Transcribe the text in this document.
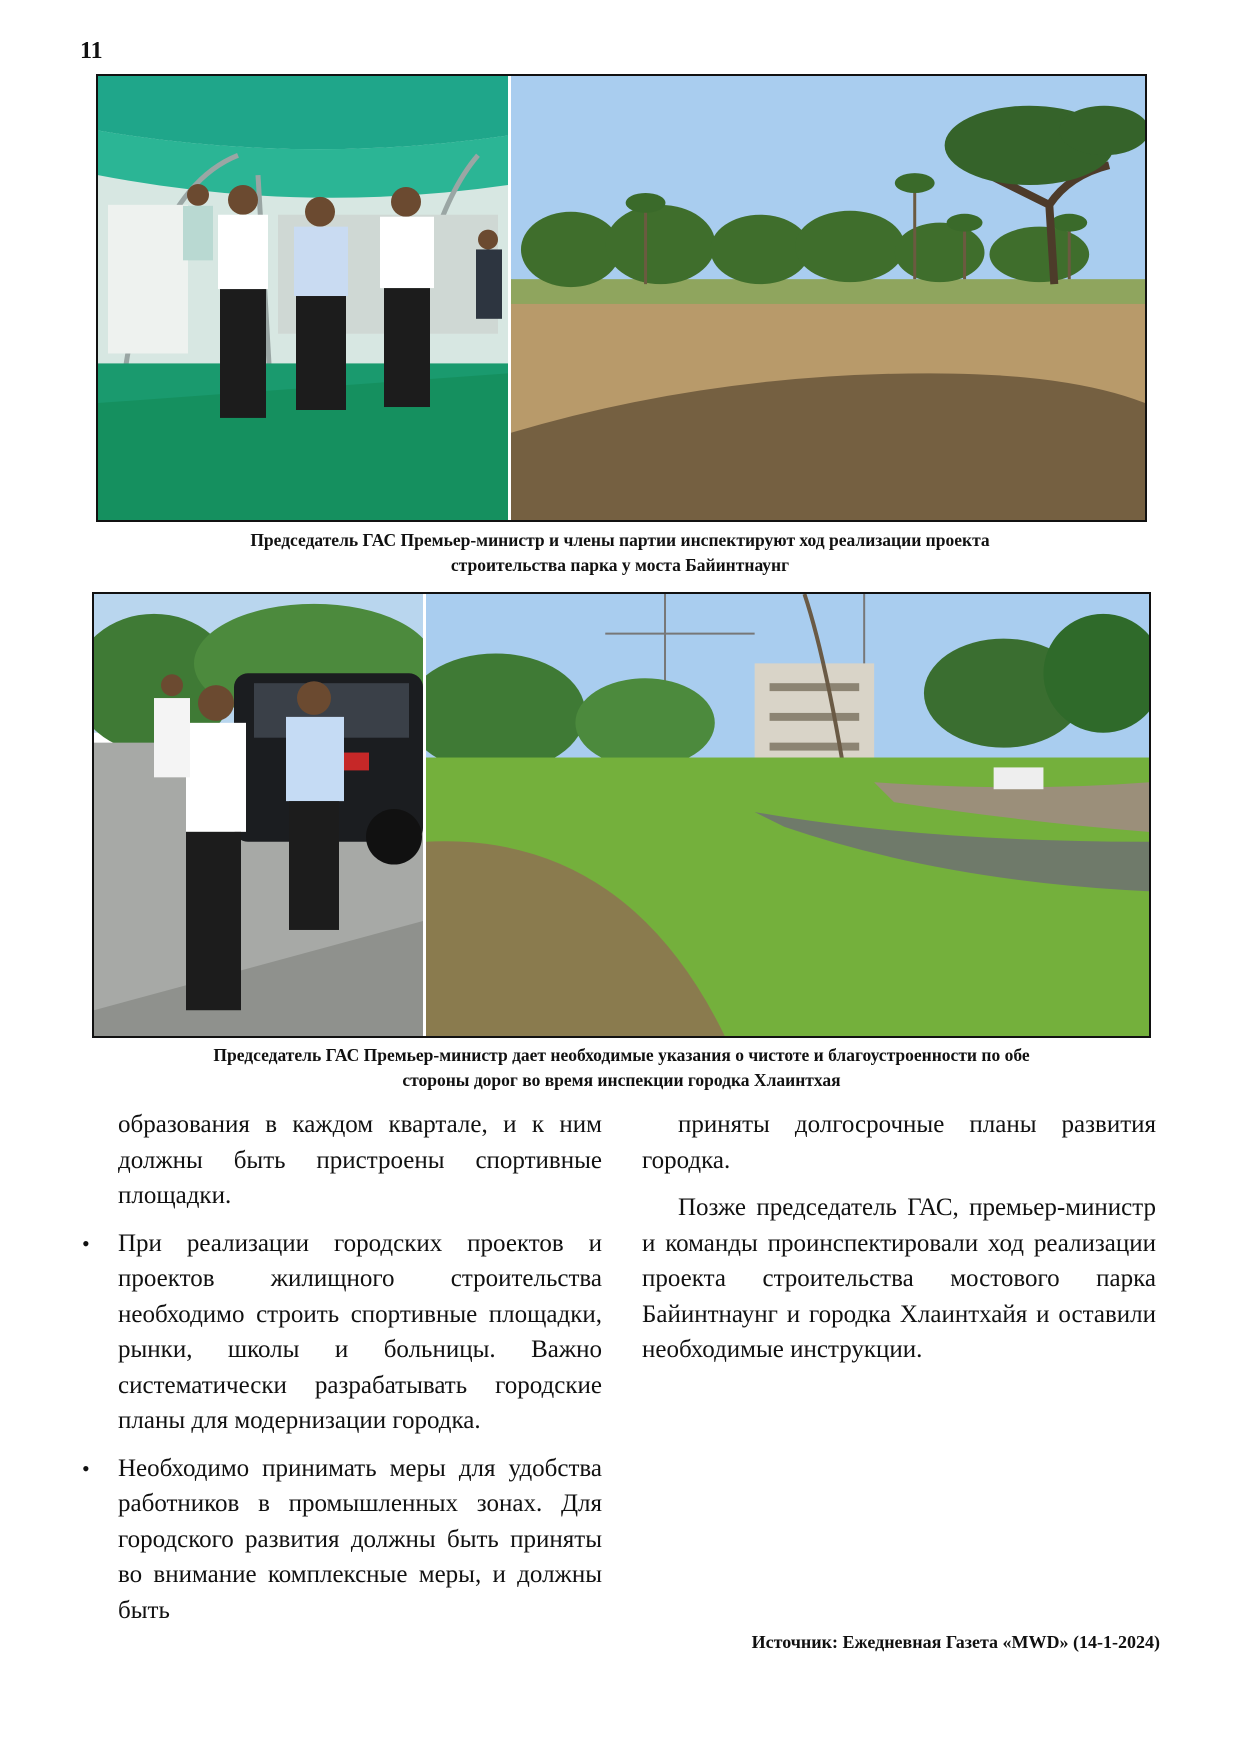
11
Председатель ГАС Премьер-министр и члены партии инспектируют ход реализации проекта
строительства парка у моста Байинтнаунг
Председатель ГАС Премьер-министр дает необходимые указания о чистоте и благоустроенности по обе
стороны дорог во время инспекции городка Хлаинтхая

образования в каждом квартале, и к ним должны быть пристроены спортивные площадки.

• При реализации городских проектов и проектов жилищного строительства необходимо строить спортивные площадки, рынки, школы и больницы. Важно систематически разрабатывать городские планы для модернизации городка.
• Необходимо принимать меры для удобства работников в промышленных зонах. Для городского развития должны быть приняты во внимание комплексные меры, и должны быть

приняты долгосрочные планы развития городка.

Позже председатель ГАС, премьер-министр и команды проинспектировали ход реализации проекта строительства мостового парка Байинтнаунг и городка Хлаинтхайя и оставили необходимые инструкции.

Источник: Ежедневная Газета «MWD» (14-1-2024)
